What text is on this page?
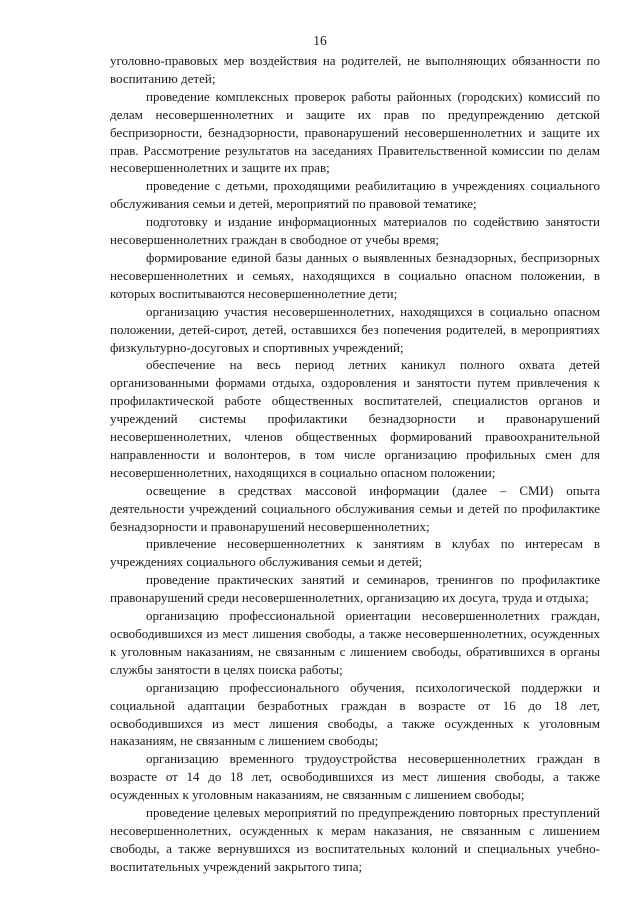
16

уголовно-правовых мер воздействия на родителей, не выполняющих обязанности по воспитанию детей;

проведение комплексных проверок работы районных (городских) комиссий по делам несовершеннолетних и защите их прав по предупреждению детской беспризорности, безнадзорности, правонарушений несовершеннолетних и защите их прав. Рассмотрение результатов на заседаниях Правительственной комиссии по делам несовершеннолетних и защите их прав;

проведение с детьми, проходящими реабилитацию в учреждениях социального обслуживания семьи и детей, мероприятий по правовой тематике;

подготовку и издание информационных материалов по содействию занятости несовершеннолетних граждан в свободное от учебы время;

формирование единой базы данных о выявленных безнадзорных, беспризорных несовершеннолетних и семьях, находящихся в социально опасном положении, в которых воспитываются несовершеннолетние дети;

организацию участия несовершеннолетних, находящихся в социально опасном положении, детей-сирот, детей, оставшихся без попечения родителей, в мероприятиях физкультурно-досуговых и спортивных учреждений;

обеспечение на весь период летних каникул полного охвата детей организованными формами отдыха, оздоровления и занятости путем привлечения к профилактической работе общественных воспитателей, специалистов органов и учреждений системы профилактики безнадзорности и правонарушений несовершеннолетних, членов общественных формирований правоохранительной направленности и волонтеров, в том числе организацию профильных смен для несовершеннолетних, находящихся в социально опасном положении;

освещение в средствах массовой информации (далее – СМИ) опыта деятельности учреждений социального обслуживания семьи и детей по профилактике безнадзорности и правонарушений несовершеннолетних;

привлечение несовершеннолетних к занятиям в клубах по интересам в учреждениях социального обслуживания семьи и детей;

проведение практических занятий и семинаров, тренингов по профилактике правонарушений среди несовершеннолетних, организацию их досуга, труда и отдыха;

организацию профессиональной ориентации несовершеннолетних граждан, освободившихся из мест лишения свободы, а также несовершеннолетних, осужденных к уголовным наказаниям, не связанным с лишением свободы, обратившихся в органы службы занятости в целях поиска работы;

организацию профессионального обучения, психологической поддержки и социальной адаптации безработных граждан в возрасте от 16 до 18 лет, освободившихся из мест лишения свободы, а также осужденных к уголовным наказаниям, не связанным с лишением свободы;

организацию временного трудоустройства несовершеннолетних граждан в возрасте от 14 до 18 лет, освободившихся из мест лишения свободы, а также осужденных к уголовным наказаниям, не связанным с лишением свободы;

проведение целевых мероприятий по предупреждению повторных преступлений несовершеннолетних, осужденных к мерам наказания, не связанным с лишением свободы, а также вернувшихся из воспитательных колоний и специальных учебно-воспитательных учреждений закрытого типа;
